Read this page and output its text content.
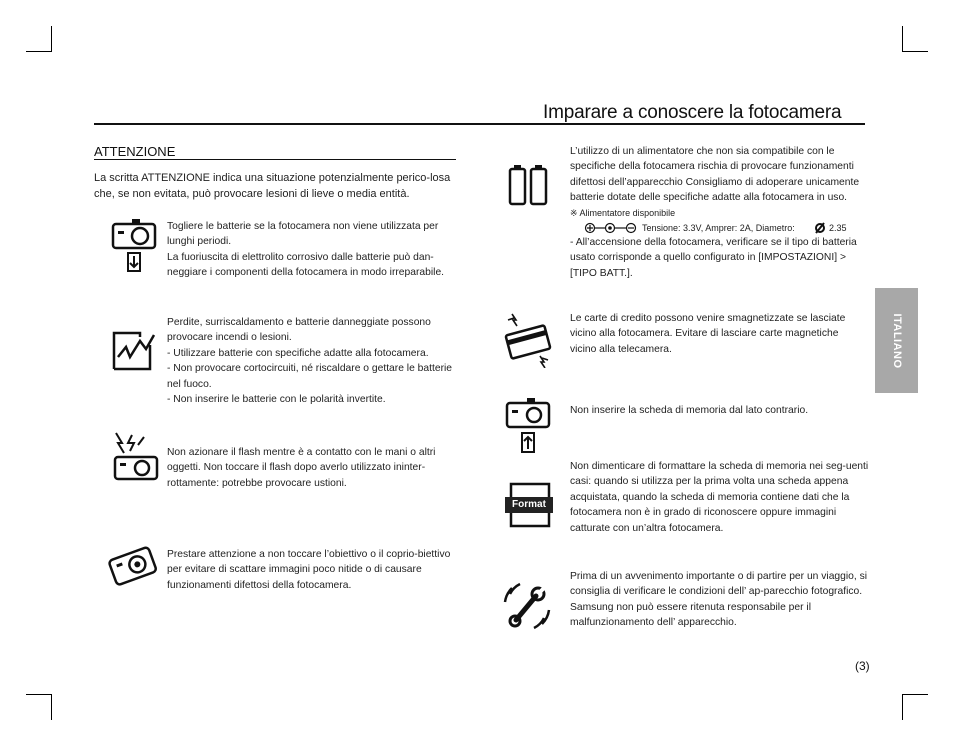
Imparare a conoscere la fotocamera
ATTENZIONE
La scritta ATTENZIONE indica una situazione potenzialmente perico-losa che, se non evitata, può provocare lesioni di lieve o media entità.

Togliere le batterie se la fotocamera non viene utilizzata per lunghi periodi.

La fuoriuscita di elettrolito corrosivo dalle batterie può dan-neggiare i componenti della fotocamera in modo irreparabile.

Perdite, surriscaldamento e batterie danneggiate possono provocare incendi o lesioni.

- Utilizzare batterie con specifiche adatte alla fotocamera.

- Non provocare cortocircuiti, né riscaldare o gettare le batterie nel fuoco.

- Non inserire le batterie con le polarità invertite.

Non azionare il flash mentre è a contatto con le mani o altri oggetti. Non toccare il flash dopo averlo utilizzato ininter-rottamente: potrebbe provocare ustioni.

Prestare attenzione a non toccare l’obiettivo o il coprio-biettivo per evitare di scattare immagini poco nitide o di causare funzionamenti difettosi della fotocamera.

L’utilizzo di un alimentatore che non sia compatibile con le specifiche della fotocamera rischia di provocare funzionamenti difettosi dell’apparecchio Consigliamo di adoperare unicamente batterie dotate delle specifiche adatte alla fotocamera in uso.

※ Alimentatore disponibile

Tensione: 3.3V, Amprer: 2A, Diametro:	2.35

- All’accensione della fotocamera, verificare se il tipo di batteria usato corrisponde a quello configurato in [IMPOSTAZIONI] > [TIPO BATT.].

Le carte di credito possono venire smagnetizzate se lasciate vicino alla fotocamera. Evitare di lasciare carte magnetiche vicino alla telecamera.

Non inserire la scheda di memoria dal lato contrario.

Format

Non dimenticare di formattare la scheda di memoria nei seg-uenti casi: quando si utilizza per la prima volta una scheda appena acquistata, quando la scheda di memoria contiene dati che la fotocamera non è in grado di riconoscere oppure immagini catturate con un’altra fotocamera.

Prima di un avvenimento importante o di partire per un viaggio, si consiglia di verificare le condizioni dell’ ap-parecchio fotografico. Samsung non può essere ritenuta responsabile per il malfunzionamento dell’ apparecchio.

ITALIANO
(3)
